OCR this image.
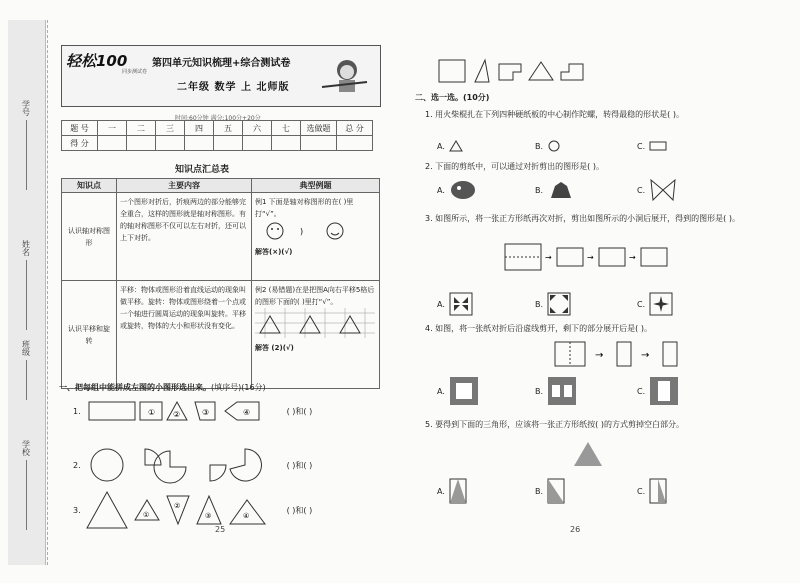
学号
姓名
班级
学校
轻松100
同步测试卷
第四单元知识梳理+综合测试卷
二年级 数学 上 北师版
时间:60分钟 满分:100分+20分
题 号	一	二	三	四	五	六	七	选做题	总 分
得 分									
知识点汇总表
知识点	主要内容	典型例题
认识轴对称图形	一个图形对折后，折痕两边的部分能够完全重合，这样的图形就是轴对称图形。有的轴对称图形不仅可以左右对折，还可以上下对折。	例1 下面是轴对称图形的在( )里打“√”。
)
解答(×)(√)

认识平移和旋转	平移：物体或图形沿着直线运动的现象叫做平移。旋转：物体或图形绕着一个点或一个轴进行圆周运动的现象叫旋转。平移或旋转，物体的大小和形状没有变化。	例2 (易错题)在是把图A向右平移5格后的图形下面的( )里打“√”。
解答 (2)(√)
一、把每组中能拼成左图的小图形选出来。(填序号)(16分)
1.	① ②	③	④	( )和( )
2.	( )和( )
3.
①
②
③	④
( )和( )
25
二、选一选。(10分)
1. 用火柴棍扎在下列四种硬纸板的中心制作陀螺，转得最稳的形状是( )。
A.	B.	C.
2. 下面的剪纸中，可以通过对折剪出的图形是( )。
A.	B.	C.
3. 如图所示，将一张正方形纸再次对折，剪出如图所示的小洞后展开，得到的图形是( )。
→	→	→
A.	B.	C.
4. 如图，将一张纸对折后沿虚线剪开，剩下的部分展开后是( )。
→	→
A.	B.	C.
5. 要得到下面的三角形，应该将一张正方形纸按( )的方式剪掉空白部分。
A.	B.	C.
26
